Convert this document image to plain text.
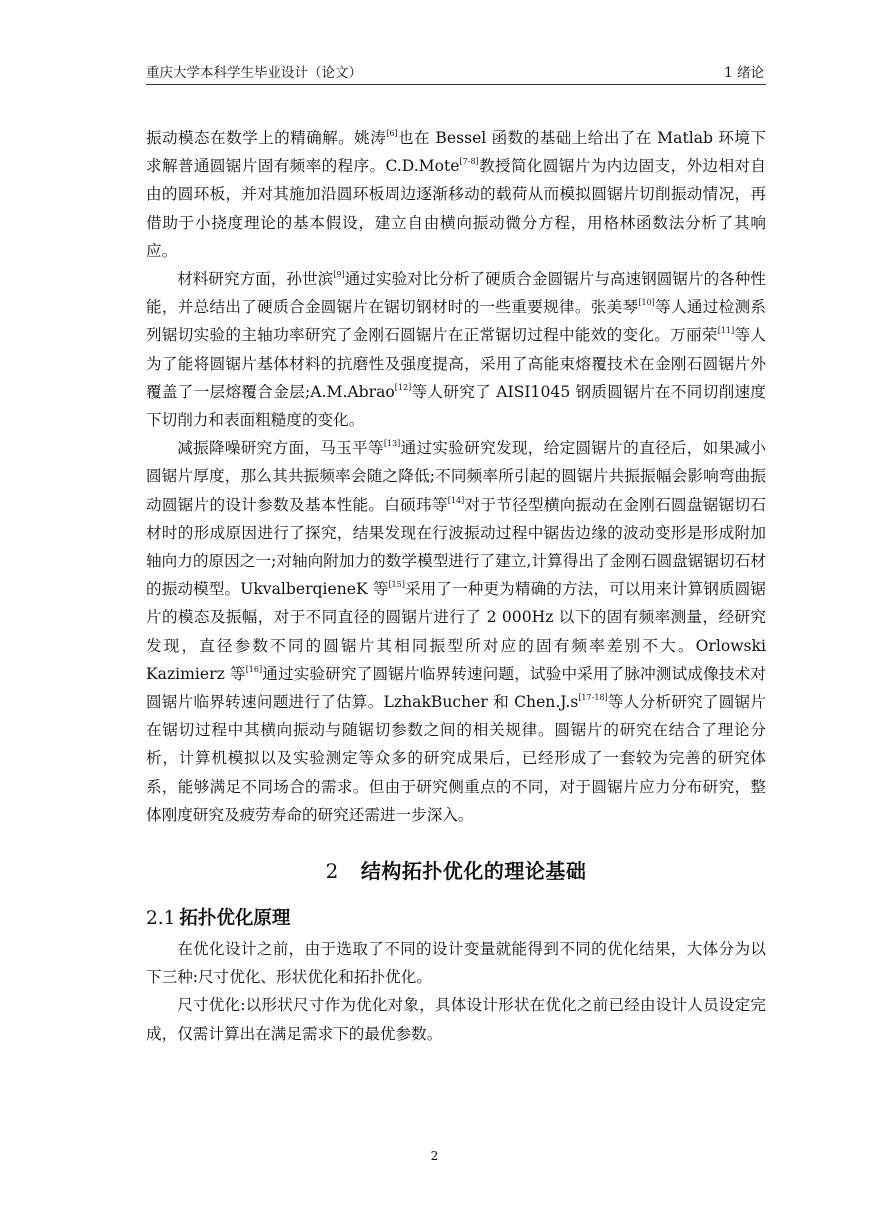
重庆大学本科学生毕业设计（论文）	1 绪论

振动模态在数学上的精确解。姚涛[6]也在 Bessel 函数的基础上给出了在 Matlab 环境下求解普通圆锯片固有频率的程序。C.D.Mote[7-8]教授简化圆锯片为内边固支，外边相对自由的圆环板，并对其施加沿圆环板周边逐渐移动的载荷从而模拟圆锯片切削振动情况，再借助于小挠度理论的基本假设，建立自由横向振动微分方程，用格林函数法分析了其响应。

材料研究方面，孙世滨[9]通过实验对比分析了硬质合金圆锯片与高速钢圆锯片的各种性能，并总结出了硬质合金圆锯片在锯切钢材时的一些重要规律。张美琴[10]等人通过检测系列锯切实验的主轴功率研究了金刚石圆锯片在正常锯切过程中能效的变化。万丽荣[11]等人为了能将圆锯片基体材料的抗磨性及强度提高，采用了高能束熔覆技术在金刚石圆锯片外覆盖了一层熔覆合金层;A.M.Abrao[12]等人研究了 AISI1045 钢质圆锯片在不同切削速度下切削力和表面粗糙度的变化。

减振降噪研究方面，马玉平等[13]通过实验研究发现，给定圆锯片的直径后，如果减小圆锯片厚度，那么其共振频率会随之降低;不同频率所引起的圆锯片共振振幅会影响弯曲振动圆锯片的设计参数及基本性能。白硕玮等[14]对于节径型横向振动在金刚石圆盘锯锯切石材时的形成原因进行了探究，结果发现在行波振动过程中锯齿边缘的波动变形是形成附加轴向力的原因之一;对轴向附加力的数学模型进行了建立,计算得出了金刚石圆盘锯锯切石材的振动模型。UkvalberqieneK 等[15]采用了一种更为精确的方法，可以用来计算钢质圆锯片的模态及振幅，对于不同直径的圆锯片进行了 2 000Hz 以下的固有频率测量，经研究发现，直径参数不同的圆锯片其相同振型所对应的固有频率差别不大。Orlowski Kazimierz 等[16]通过实验研究了圆锯片临界转速问题，试验中采用了脉冲测试成像技术对圆锯片临界转速问题进行了估算。LzhakBucher 和 Chen.J.s[17-18]等人分析研究了圆锯片在锯切过程中其横向振动与随锯切参数之间的相关规律。圆锯片的研究在结合了理论分析，计算机模拟以及实验测定等众多的研究成果后，已经形成了一套较为完善的研究体系，能够满足不同场合的需求。但由于研究侧重点的不同，对于圆锯片应力分布研究，整体刚度研究及疲劳寿命的研究还需进一步深入。

2 结构拓扑优化的理论基础
2.1 拓扑优化原理

在优化设计之前，由于选取了不同的设计变量就能得到不同的优化结果，大体分为以下三种:尺寸优化、形状优化和拓扑优化。

尺寸优化:以形状尺寸作为优化对象，具体设计形状在优化之前已经由设计人员设定完成，仅需计算出在满足需求下的最优参数。

2
